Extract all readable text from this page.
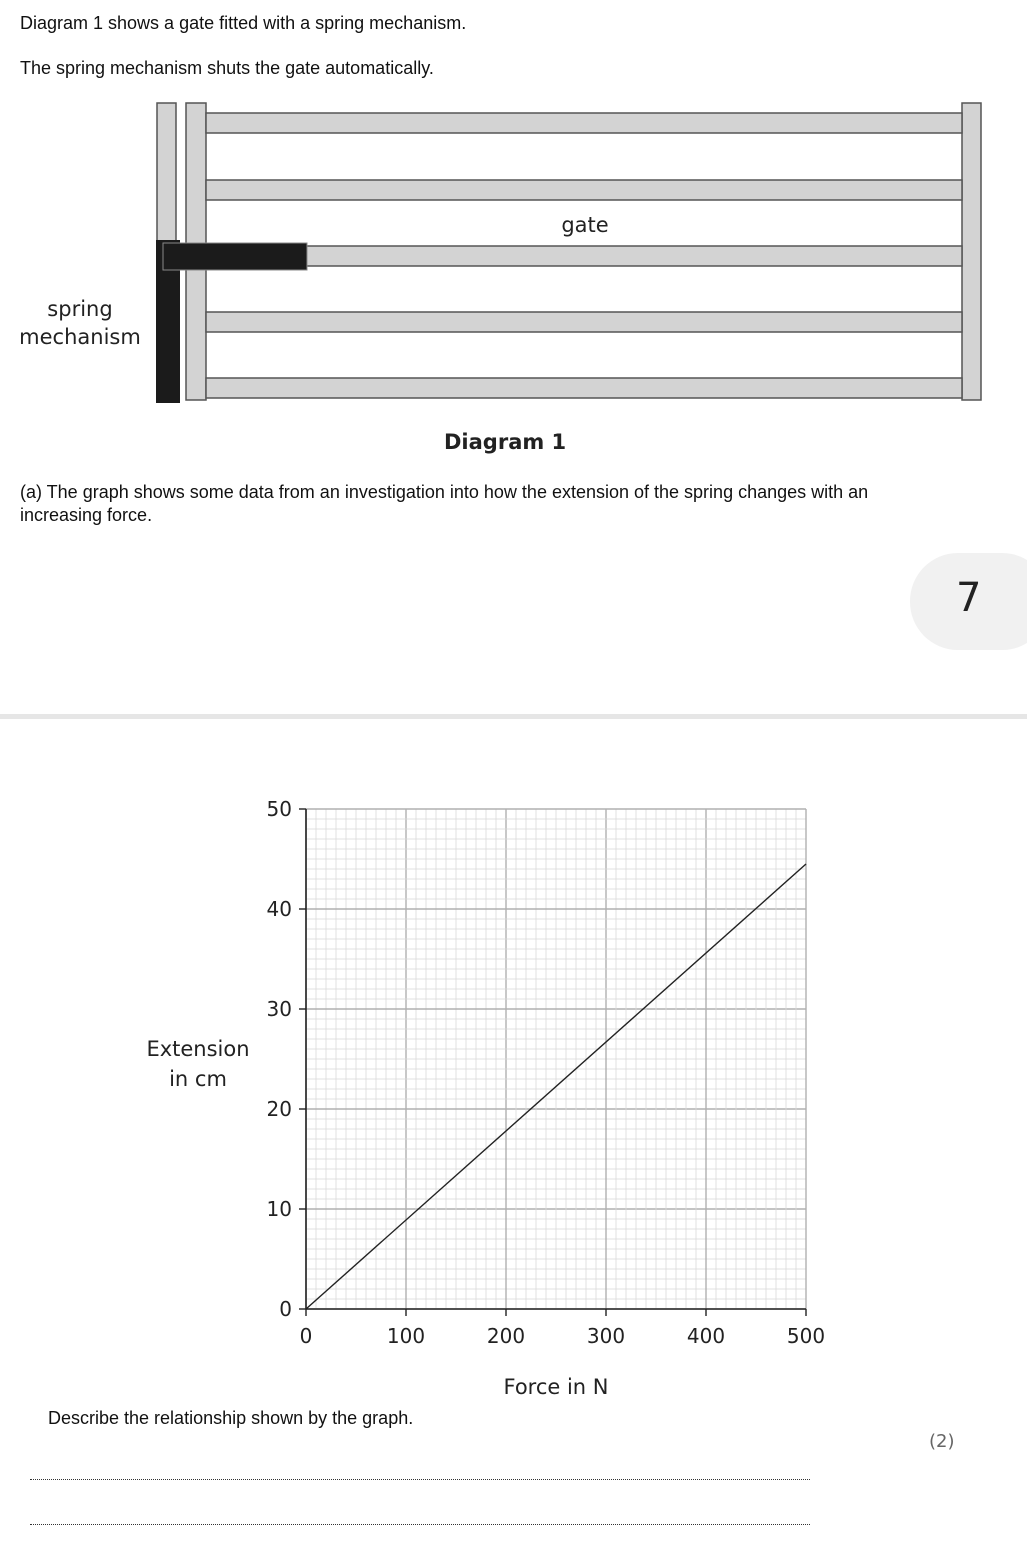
Diagram 1 shows a gate fitted with a spring mechanism.
The spring mechanism shuts the gate automatically.
gate
spring
mechanism
Diagram 1
(a) The graph shows some data from an investigation into how the extension of the spring changes with an increasing force.
7
0	100	200	300	400	500
0
10
20
30
40
50
Force in N
Extension
in cm
Describe the relationship shown by the graph.
(2)
